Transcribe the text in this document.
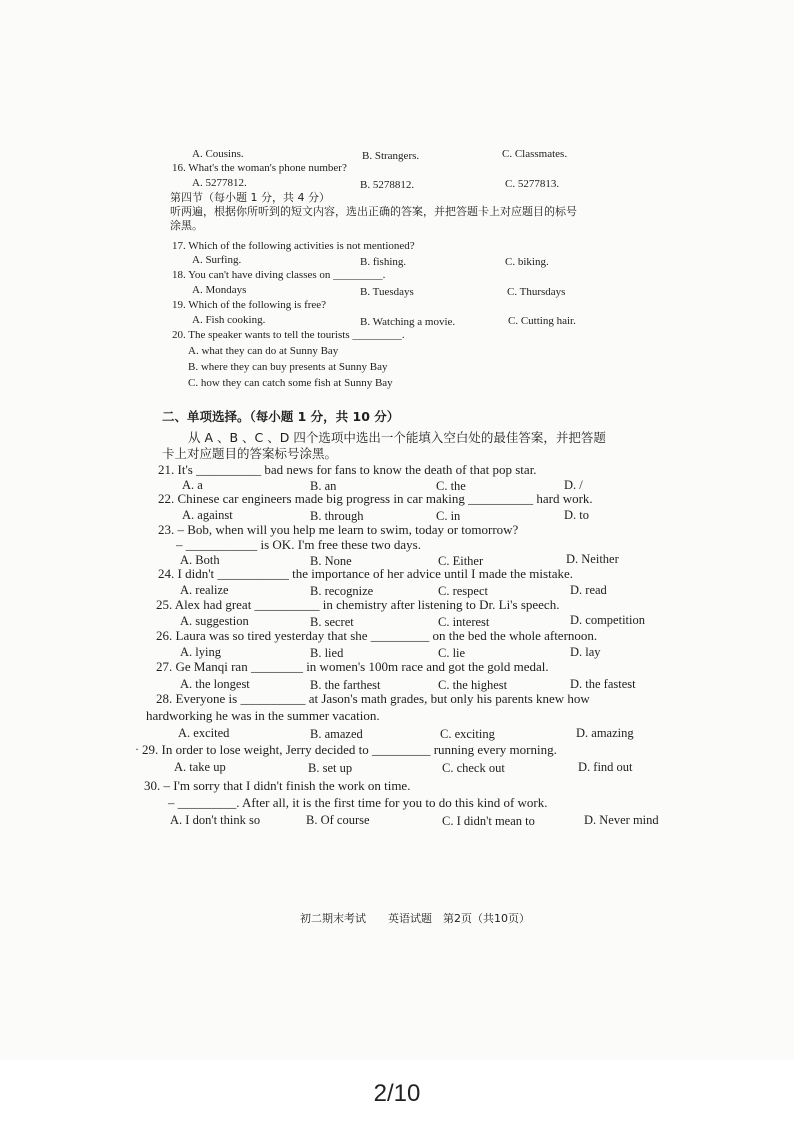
A. Cousins.	B. Strangers.	C. Classmates.
16. What's the woman's phone number?
A. 5277812.	B. 5278812.	C. 5277813.
第四节（每小题 1 分，共 4 分）
听两遍，根据你所听到的短文内容，选出正确的答案，并把答题卡上对应题目的标号
涂黑。
17. Which of the following activities is not mentioned?
A. Surfing.	B. fishing.	C. biking.
18. You can't have diving classes on _________.
A. Mondays	B. Tuesdays	C. Thursdays
19. Which of the following is free?
A. Fish cooking.	B. Watching a movie.	C. Cutting hair.
20. The speaker wants to tell the tourists _________.
A. what they can do at Sunny Bay
B. where they can buy presents at Sunny Bay
C. how they can catch some fish at Sunny Bay
二、单项选择。（每小题 1 分，共 10 分）
从 A 、B 、C 、D 四个选项中选出一个能填入空白处的最佳答案，并把答题
卡上对应题目的答案标号涂黑。
21. It's __________ bad news for fans to know the death of that pop star.
A. a	B. an	C. the	D. /
22. Chinese car engineers made big progress in car making __________ hard work.
A. against	B. through	C. in	D. to
23. – Bob, when will you help me learn to swim, today or tomorrow?
– ___________ is OK. I'm free these two days.
A. Both	B. None	C. Either	D. Neither
24. I didn't ___________ the importance of her advice until I made the mistake.
A. realize	B. recognize	C. respect	D. read
25. Alex had great __________ in chemistry after listening to Dr. Li's speech.
A. suggestion	B. secret	C. interest	D. competition
26. Laura was so tired yesterday that she _________ on the bed the whole afternoon.
A. lying	B. lied	C. lie	D. lay
27. Ge Manqi ran ________ in women's 100m race and got the gold medal.
A. the longest	B. the farthest	C. the highest	D. the fastest
28. Everyone is __________ at Jason's math grades, but only his parents knew how
hardworking he was in the summer vacation.
A. excited	B. amazed	C. exciting	D. amazing
· 29. In order to lose weight, Jerry decided to _________ running every morning.
A. take up	B. set up	C. check out	D. find out
30. – I'm sorry that I didn't finish the work on time.
– _________. After all, it is the first time for you to do this kind of work.
A. I don't think so	B. Of course	C. I didn't mean to	D. Never mind
初二期末考试　　英语试题　第2页（共10页）
2/10
